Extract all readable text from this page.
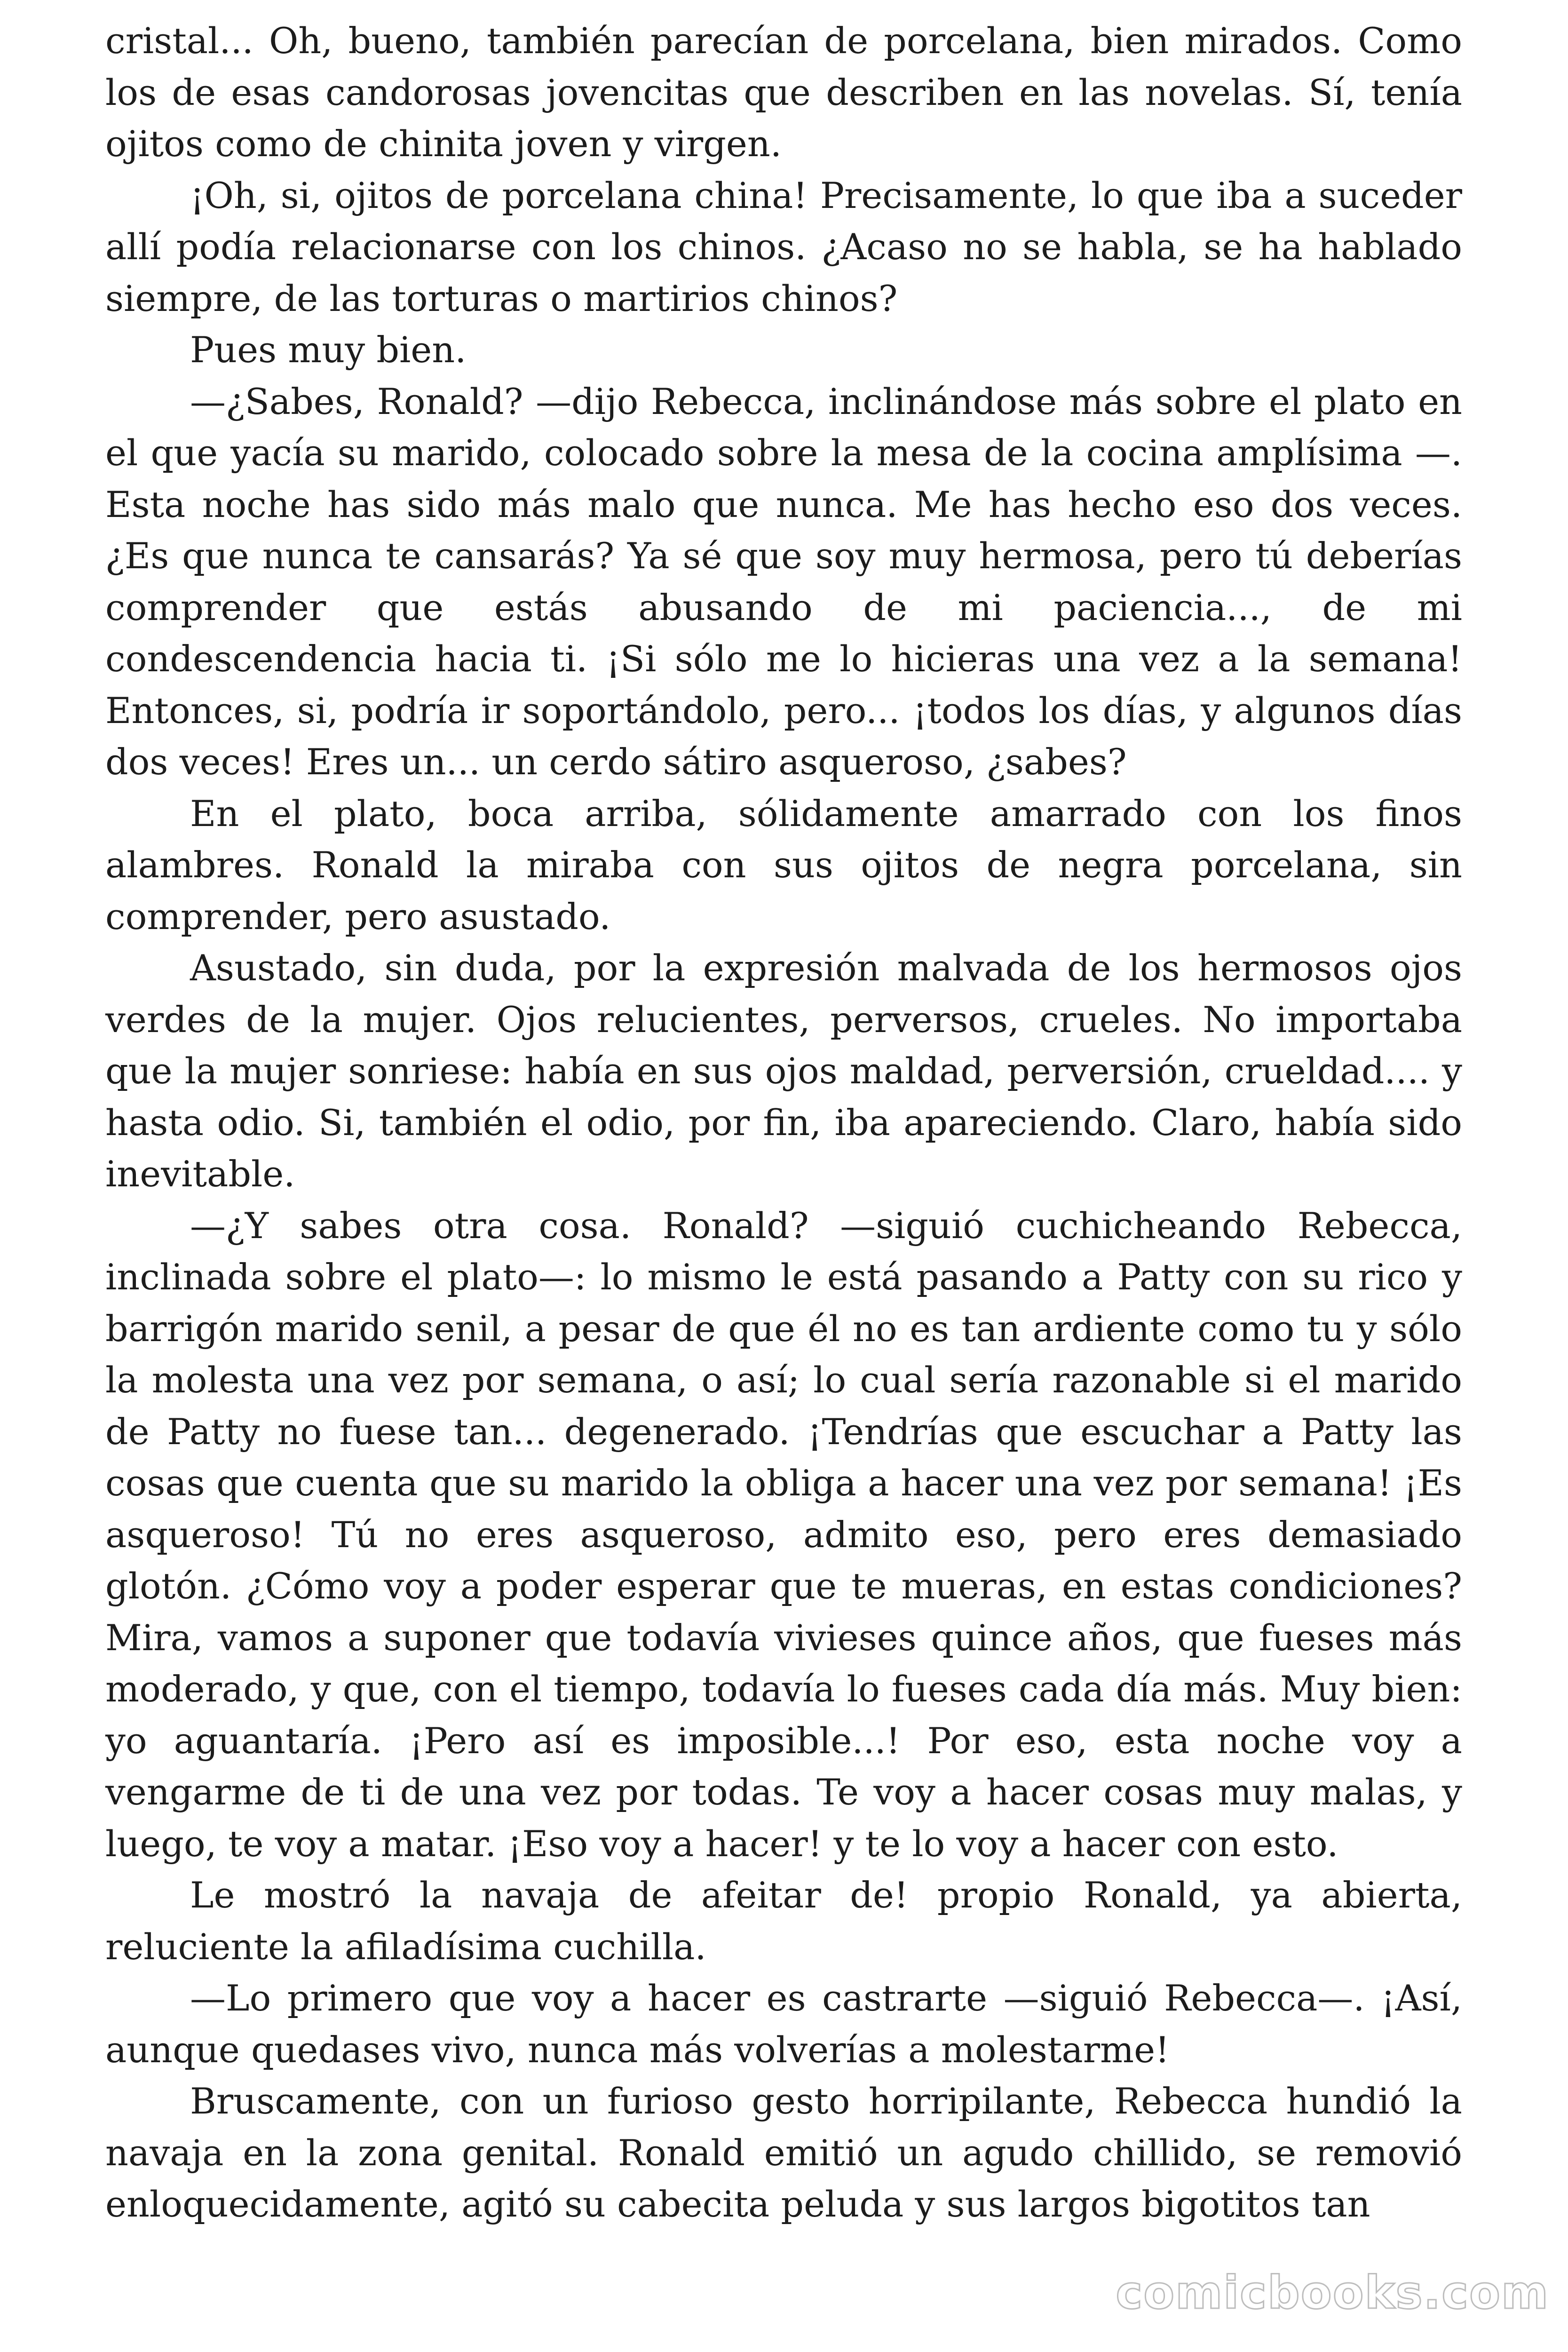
cristal... Oh, bueno, también parecían de porcelana, bien mirados. Como los de esas candorosas jovencitas que describen en las novelas. Sí, tenía ojitos como de chinita joven y virgen.

¡Oh, si, ojitos de porcelana china! Precisamente, lo que iba a suceder allí podía relacionarse con los chinos. ¿Acaso no se habla, se ha hablado siempre, de las torturas o martirios chinos?

Pues muy bien.

—¿Sabes, Ronald? —dijo Rebecca, inclinándose más sobre el plato en el que yacía su marido, colocado sobre la mesa de la cocina amplísima —. Esta noche has sido más malo que nunca. Me has hecho eso dos veces. ¿Es que nunca te cansarás? Ya sé que soy muy hermosa, pero tú deberías comprender que estás abusando de mi paciencia..., de mi condescendencia hacia ti. ¡Si sólo me lo hicieras una vez a la semana! Entonces, si, podría ir soportándolo, pero... ¡todos los días, y algunos días dos veces! Eres un... un cerdo sátiro asqueroso, ¿sabes?

En el plato, boca arriba, sólidamente amarrado con los finos alambres. Ronald la miraba con sus ojitos de negra porcelana, sin comprender, pero asustado.

Asustado, sin duda, por la expresión malvada de los hermosos ojos verdes de la mujer. Ojos relucientes, perversos, crueles. No importaba que la mujer sonriese: había en sus ojos maldad, perversión, crueldad.... y hasta odio. Si, también el odio, por fin, iba apareciendo. Claro, había sido inevitable.

—¿Y sabes otra cosa. Ronald? —siguió cuchicheando Rebecca, inclinada sobre el plato—: lo mismo le está pasando a Patty con su rico y barrigón marido senil, a pesar de que él no es tan ardiente como tu y sólo la molesta una vez por semana, o así; lo cual sería razonable si el marido de Patty no fuese tan... degenerado. ¡Tendrías que escuchar a Patty las cosas que cuenta que su marido la obliga a hacer una vez por semana! ¡Es asqueroso! Tú no eres asqueroso, admito eso, pero eres demasiado glotón. ¿Cómo voy a poder esperar que te mueras, en estas condiciones? Mira, vamos a suponer que todavía vivieses quince años, que fueses más moderado, y que, con el tiempo, todavía lo fueses cada día más. Muy bien: yo aguantaría. ¡Pero así es imposible...! Por eso, esta noche voy a vengarme de ti de una vez por todas. Te voy a hacer cosas muy malas, y luego, te voy a matar. ¡Eso voy a hacer! y te lo voy a hacer con esto.

Le mostró la navaja de afeitar de! propio Ronald, ya abierta, reluciente la afiladísima cuchilla.

—Lo primero que voy a hacer es castrarte —siguió Rebecca—. ¡Así, aunque quedases vivo, nunca más volverías a molestarme!

Bruscamente, con un furioso gesto horripilante, Rebecca hundió la navaja en la zona genital. Ronald emitió un agudo chillido, se removió enloquecidamente, agitó su cabecita peluda y sus largos bigotitos tan

comicbooks.com
